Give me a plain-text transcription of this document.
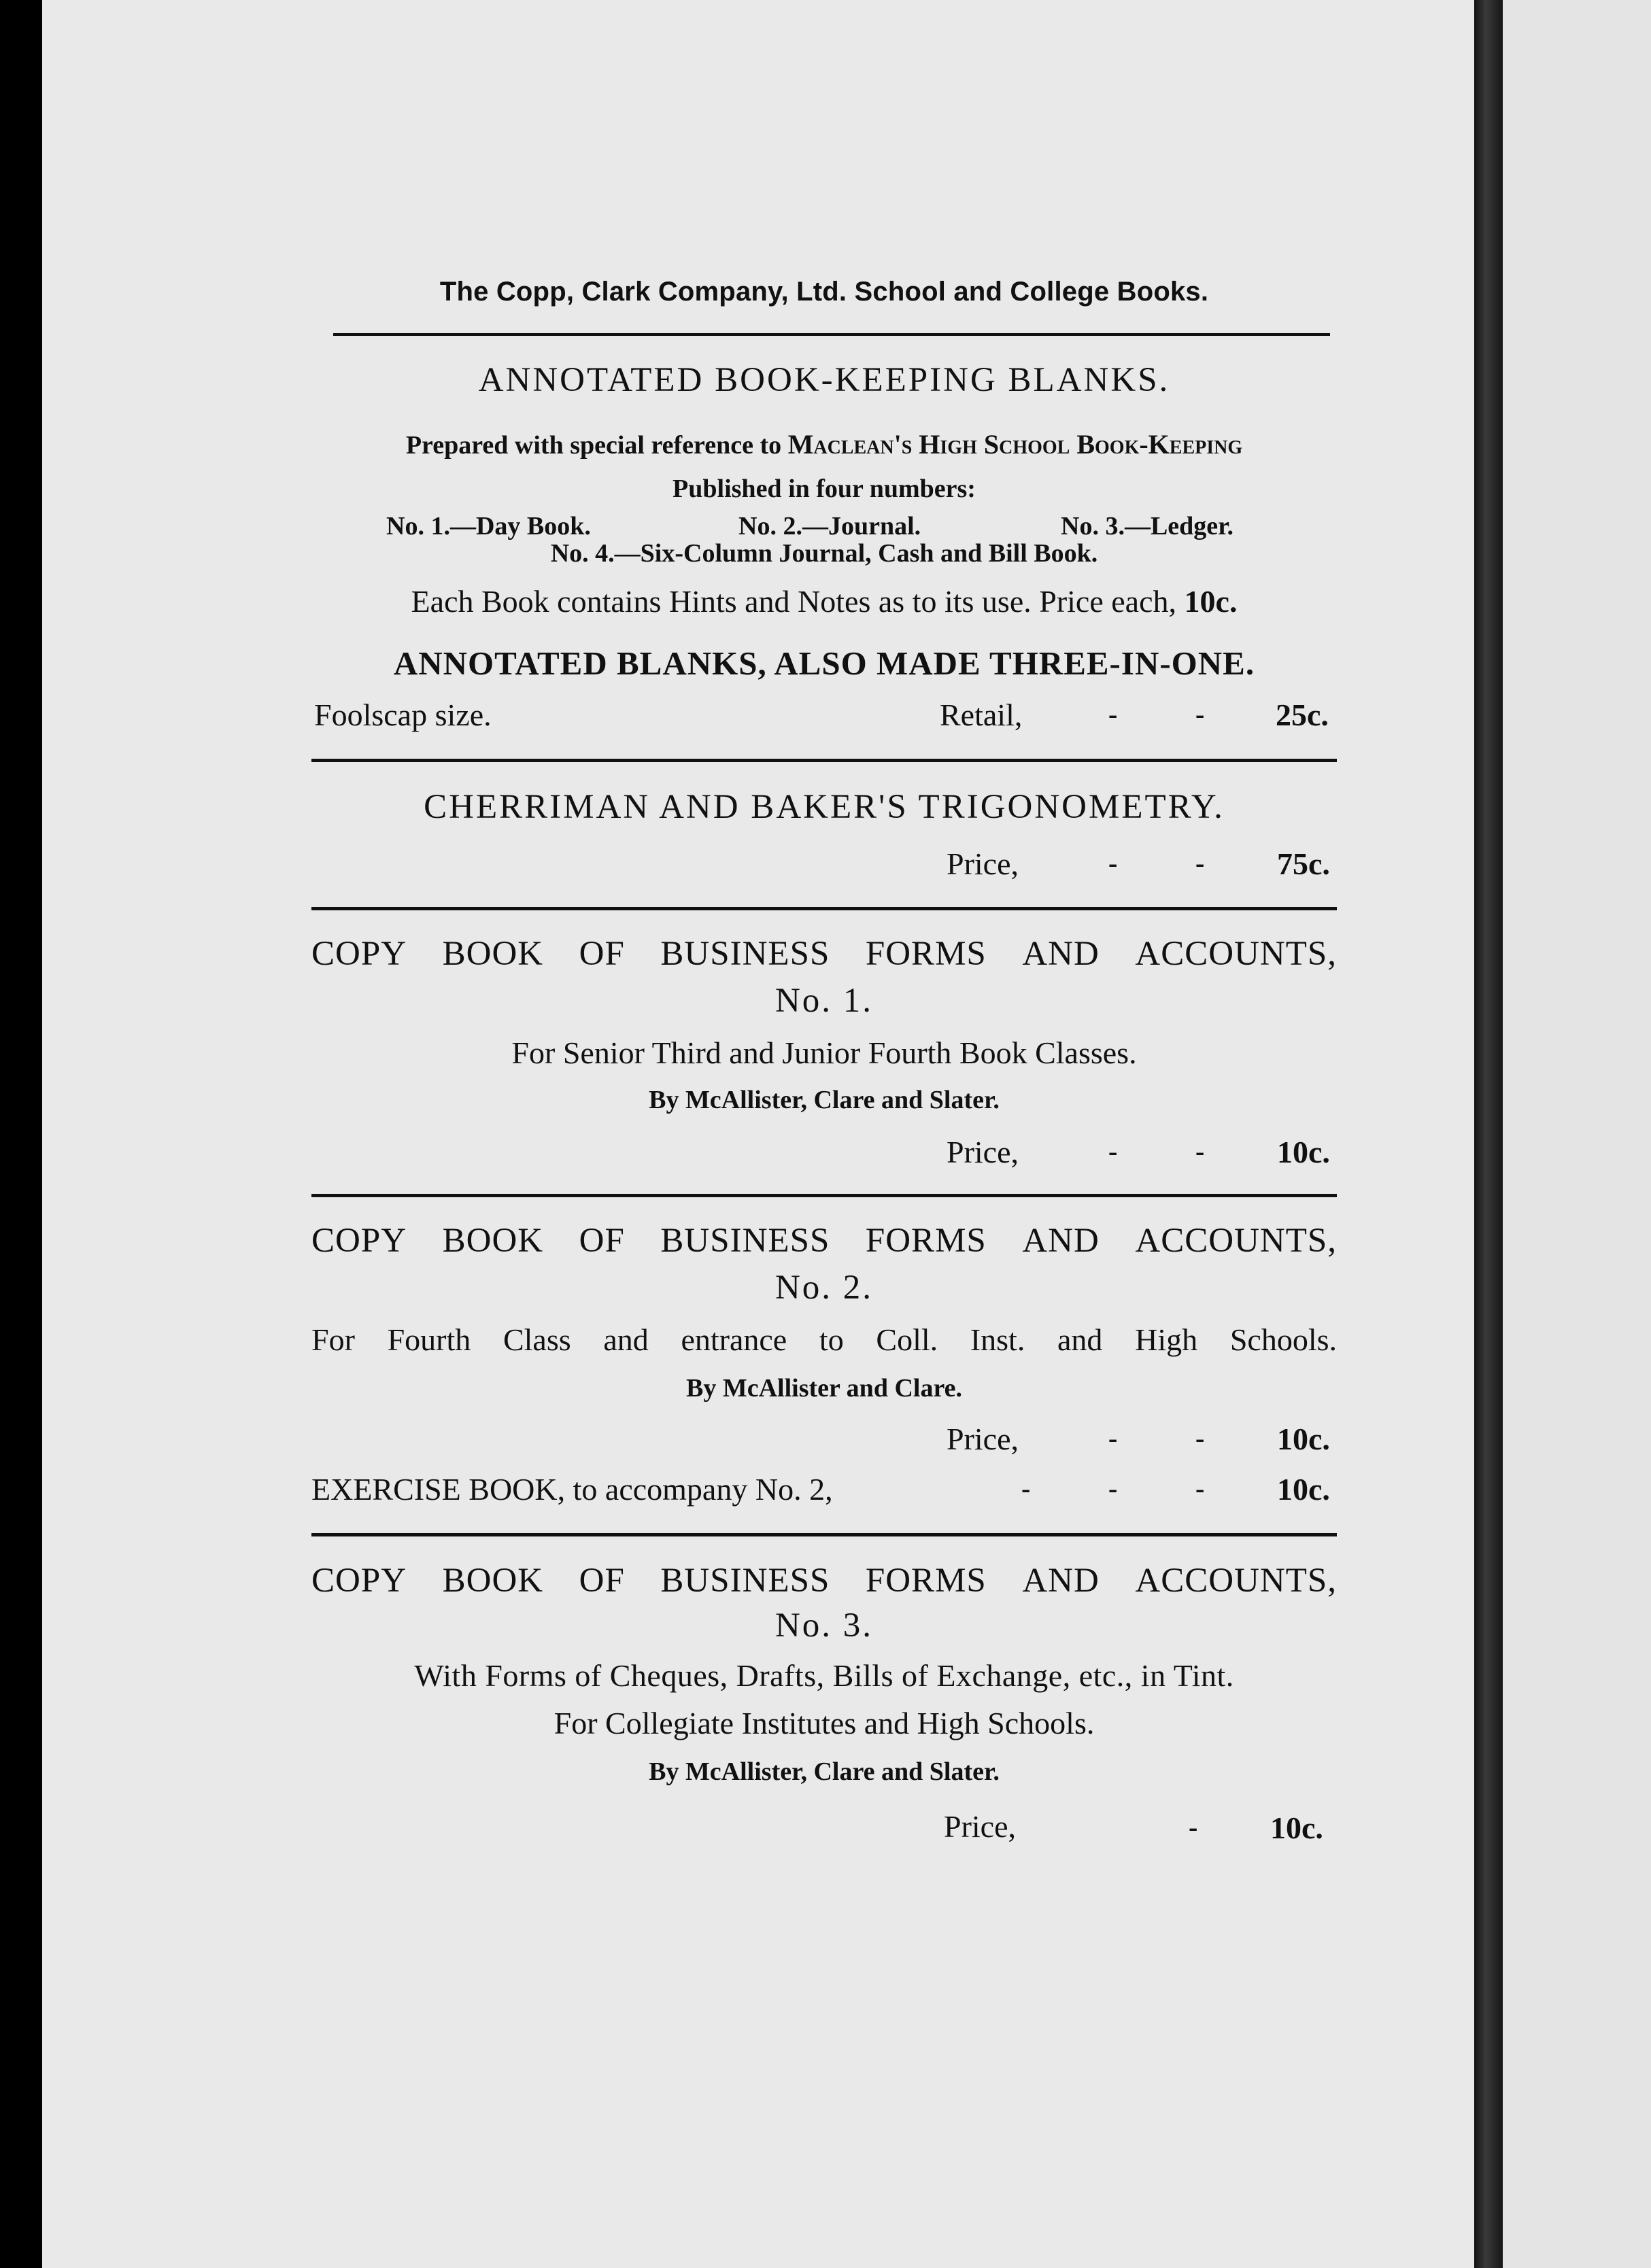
The Copp, Clark Company, Ltd. School and College Books.
ANNOTATED BOOK-KEEPING BLANKS.
Prepared with special reference to Maclean's High School Book-Keeping
Published in four numbers:
No. 1.—Day Book.	No. 2.—Journal.	No. 3.—Ledger.
No. 4.—Six-Column Journal, Cash and Bill Book.
Each Book contains Hints and Notes as to its use. Price each, 10c.
ANNOTATED BLANKS, ALSO MADE THREE-IN-ONE.
Foolscap size.	Retail,	-	- 25c.
CHERRIMAN AND BAKER'S TRIGONOMETRY.
Price,	-	- 75c.
COPY BOOK OF BUSINESS FORMS AND ACCOUNTS,
No. 1.
For Senior Third and Junior Fourth Book Classes.
By McAllister, Clare and Slater.
Price,	-	- 10c.
COPY BOOK OF BUSINESS FORMS AND ACCOUNTS,
No. 2.
For Fourth Class and entrance to Coll. Inst. and High Schools.
By McAllister and Clare.
Price,	-	- 10c.
EXERCISE BOOK, to accompany No. 2,	-	-	- 10c.
COPY BOOK OF BUSINESS FORMS AND ACCOUNTS,
No. 3.
With Forms of Cheques, Drafts, Bills of Exchange, etc., in Tint.
For Collegiate Institutes and High Schools.
By McAllister, Clare and Slater.
Price,	- 10c.
